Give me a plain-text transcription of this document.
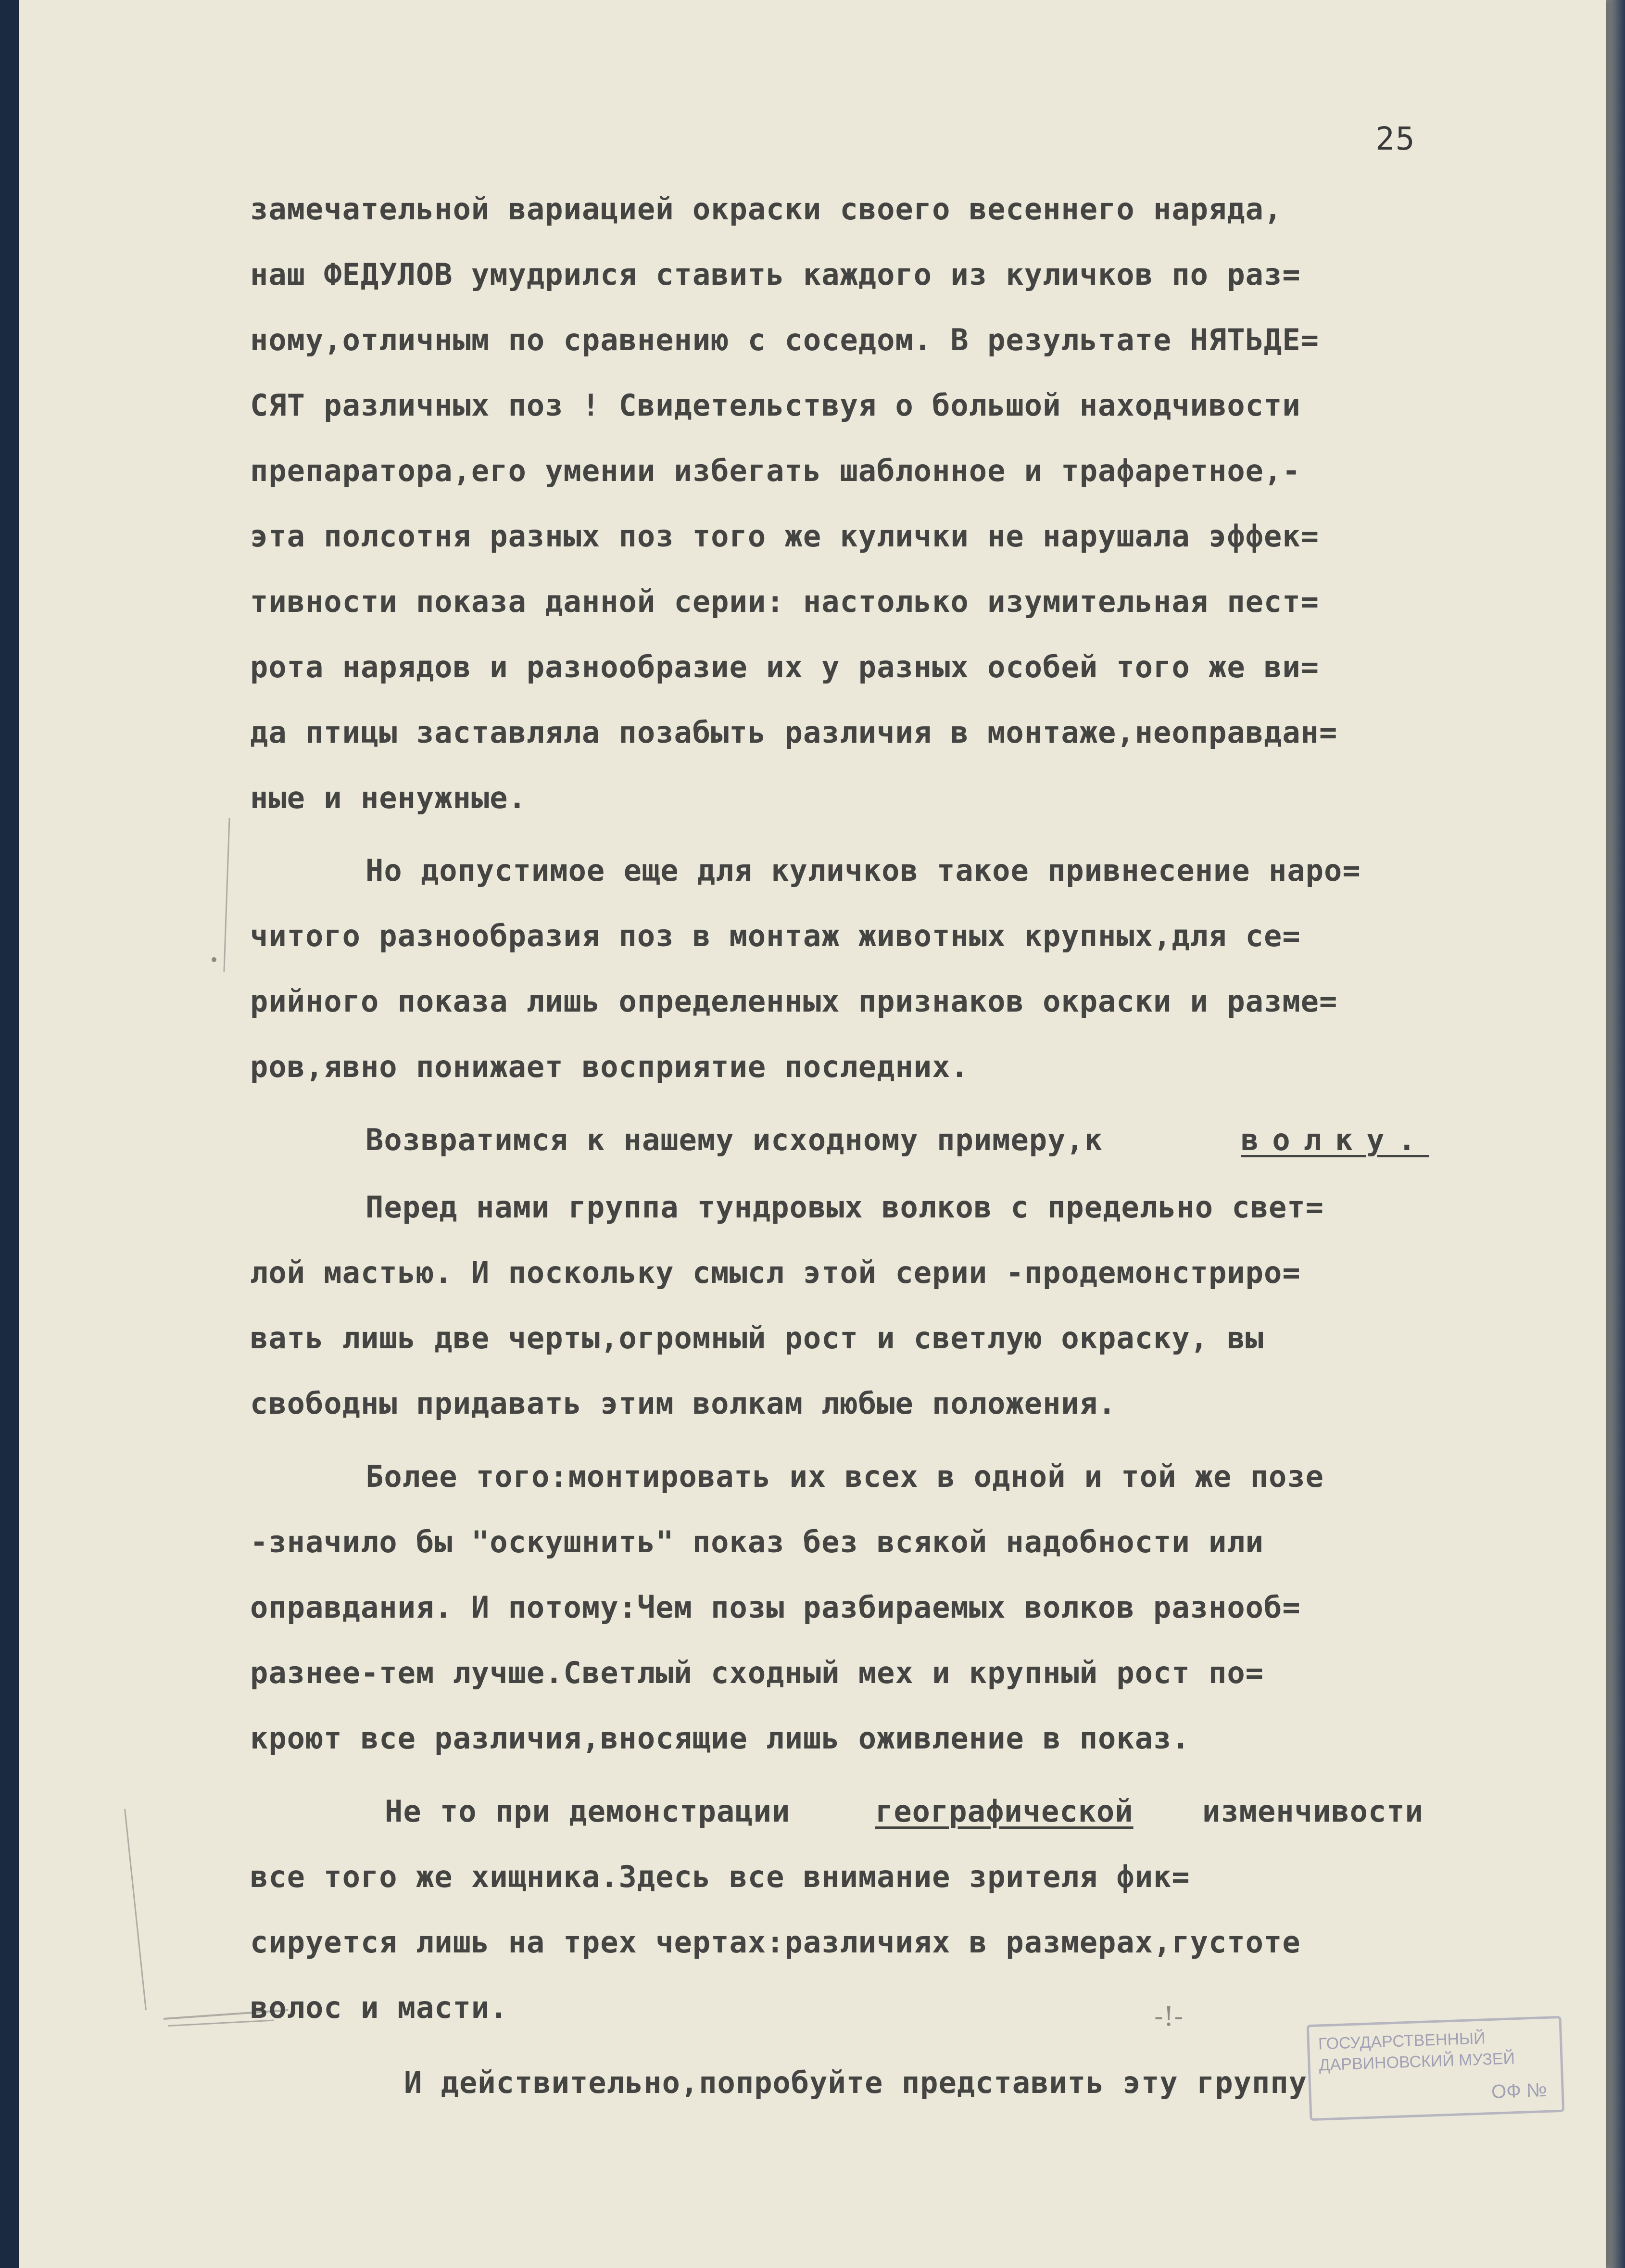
25
замечательной вариацией окраски своего весеннего наряда,
наш ФЕДУЛОВ умудрился ставить каждого из куличков по раз=
ному,отличным по сравнению с соседом. В результате НЯТЬДЕ=
СЯТ различных поз ! Свидетельствуя о большой находчивости
препаратора,его умении избегать шаблонное и трафаретное,-
эта полсотня разных поз того же кулички не нарушала эффек=
тивности показа данной серии: настолько изумительная пест=
рота нарядов и разнообразие их у разных особей того же ви=
да птицы заставляла позабыть различия в монтаже,неоправдан=
ные и ненужные.
Но допустимое еще для куличков такое привнесение наро=
читого разнообразия поз в монтаж животных крупных,для се=
рийного показа лишь определенных признаков окраски и разме=
ров,явно понижает восприятие последних.
Возвратимся к нашему исходному примеру,к	волку.
Перед нами группа тундровых волков с предельно свет=
лой мастью. И поскольку смысл этой серии -продемонстриро=
вать лишь две черты,огромный рост и светлую окраску, вы
свободны придавать этим волкам любые положения.
Более того:монтировать их всех в одной и той же позе
-значило бы "оскушнить" показ без всякой надобности или
оправдания. И потому:Чем позы разбираемых волков разнооб=
разнее-тем лучше.Светлый сходный мех и крупный рост по=
кроют все различия,вносящие лишь оживление в показ.
Не то при демонстрации	географической изменчивости
все того же хищника.Здесь все внимание зрителя фик=
сируется лишь на трех чертах:различиях в размерах,густоте
волос и масти.
И действительно,попробуйте представить эту группу
-!-
ГОСУДАРСТВЕННЫЙ ДАРВИНОВСКИЙ МУЗЕЙ
ОФ №
